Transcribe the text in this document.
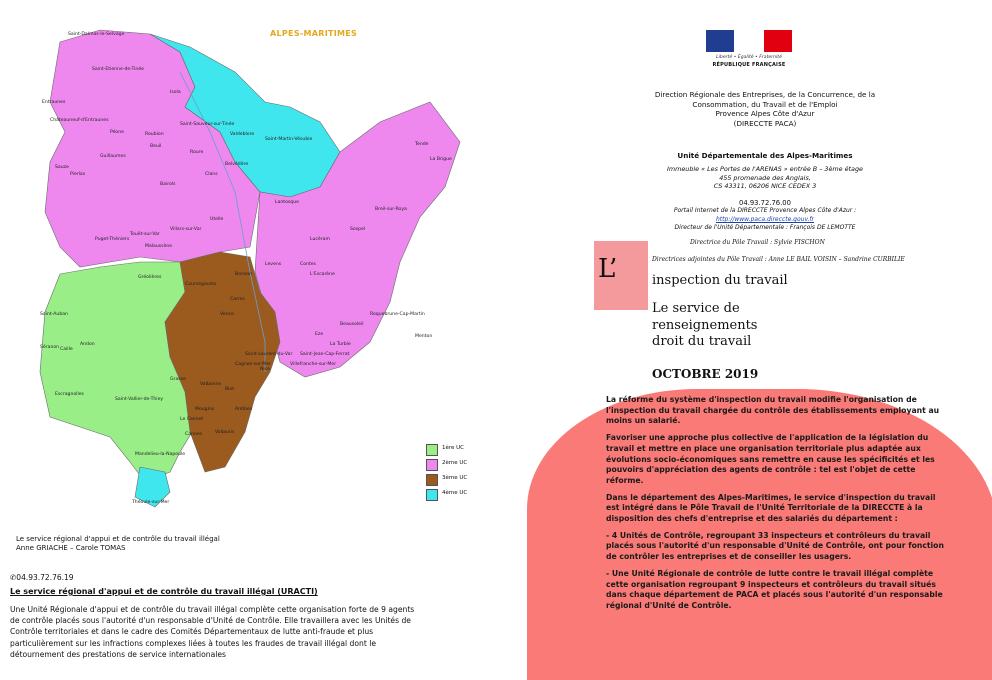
ALPES-MARITIMES
Saint-Dalmas-le-Selvage
Saint-Etienne-de-Tinée
Isola
Entraunes
Châteauneuf-d'Entraunes
Saint-Sauveur-sur-Tinée
Saint-Martin-Vésubie
Péone
Beuil
Valdeblore
Roubion
Guillaumes
Roure
Belvédère
La Brigue
Sauze
Pierlas	Clans
Bairols
Tende
Puget-Théniers
Lantosque
Breil-sur-Roya
Sospel
Levens
Menton
Gréolières
Coursegoules
Vence
Saint-Vallier-de-Thiey
Grasse
Cannes
Antibes
Cagnes-sur-Mer
Nice
Saint-Laurent-du-Var
Mandelieu-la-Napoule
Théoule-sur-Mer
Saint-Jean-Cap-Ferrat
Villefranche-sur-Mer
Andon
Séranon Caille
Escragnolles
Saint-Auban
Mougins
Valbonne
Biot
Le Cannet
Vallauris
Carros
Contes
La Turbie
Eze
Roquebrune-Cap-Martin
Beausoleil
L'Escarène
Lucéram
Touët-sur-Var
Villars-sur-Var
Malaussène
Utelle
Bonson
1ère UC
2ème UC
3ème UC
4ème UC
Le service régional d'appui et de contrôle du travail illégal
Anne GRIACHE – Carole TOMAS
✆04.93.72.76.19
Le service régional d'appui et de contrôle du travail illégal (URACTI)
Une Unité Régionale d'appui et de contrôle du travail illégal complète cette organisation forte de 9 agents de contrôle placés sous l'autorité d'un responsable d'Unité de Contrôle. Elle travaillera avec les Unités de Contrôle territoriales et dans le cadre des Comités Départementaux de lutte anti-fraude et plus particulièrement sur les infractions complexes liées à toutes les fraudes de travail illégal dont le détournement des prestations de service internationales
Liberté • Égalité • Fraternité
RÉPUBLIQUE FRANÇAISE
Direction Régionale des Entreprises, de la Concurrence, de la Consommation, du Travail et de l'Emploi
Provence Alpes Côte d'Azur
(DIRECCTE PACA)
Unité Départementale des Alpes-Maritimes
Immeuble « Les Portes de l'ARENAS » entrée B – 3ème étage
455 promenade des Anglais,
CS 43311, 06206 NICE CEDEX 3
04.93.72.76.00
Portail Internet de la DIRECCTE Provence Alpes Côte d'Azur :
http://www.paca.direccte.gouv.fr
Directeur de l'Unité Départementale : François DE LEMOTTE
Directrice du Pôle Travail : Sylvie FISCHON
Directrices adjointes du Pôle Travail : Anne LE BAIL VOISIN – Sandrine CURBILIE
L’	inspection du travail
Le service de renseignements droit du travail
OCTOBRE 2019

La réforme du système d'inspection du travail modifie l'organisation de l'inspection du travail chargée du contrôle des établissements employant au moins un salarié.

Favoriser une approche plus collective de l'application de la législation du travail et mettre en place une organisation territoriale plus adaptée aux évolutions socio-économiques sans remettre en cause les spécificités et les pouvoirs d'appréciation des agents de contrôle : tel est l'objet de cette réforme.

Dans le département des Alpes-Maritimes, le service d'inspection du travail est intégré dans le Pôle Travail de l'Unité Territoriale de la DIRECCTE à la disposition des chefs d'entreprise et des salariés du département :

- 4 Unités de Contrôle, regroupant 33 inspecteurs et contrôleurs du travail placés sous l'autorité d'un responsable d'Unité de Contrôle, ont pour fonction de contrôler les entreprises et de conseiller les usagers.

- Une Unité Régionale de contrôle de lutte contre le travail illégal complète cette organisation regroupant 9 inspecteurs et contrôleurs du travail situés dans chaque département de PACA et placés sous l'autorité d'un responsable régional d'Unité de Contrôle.
